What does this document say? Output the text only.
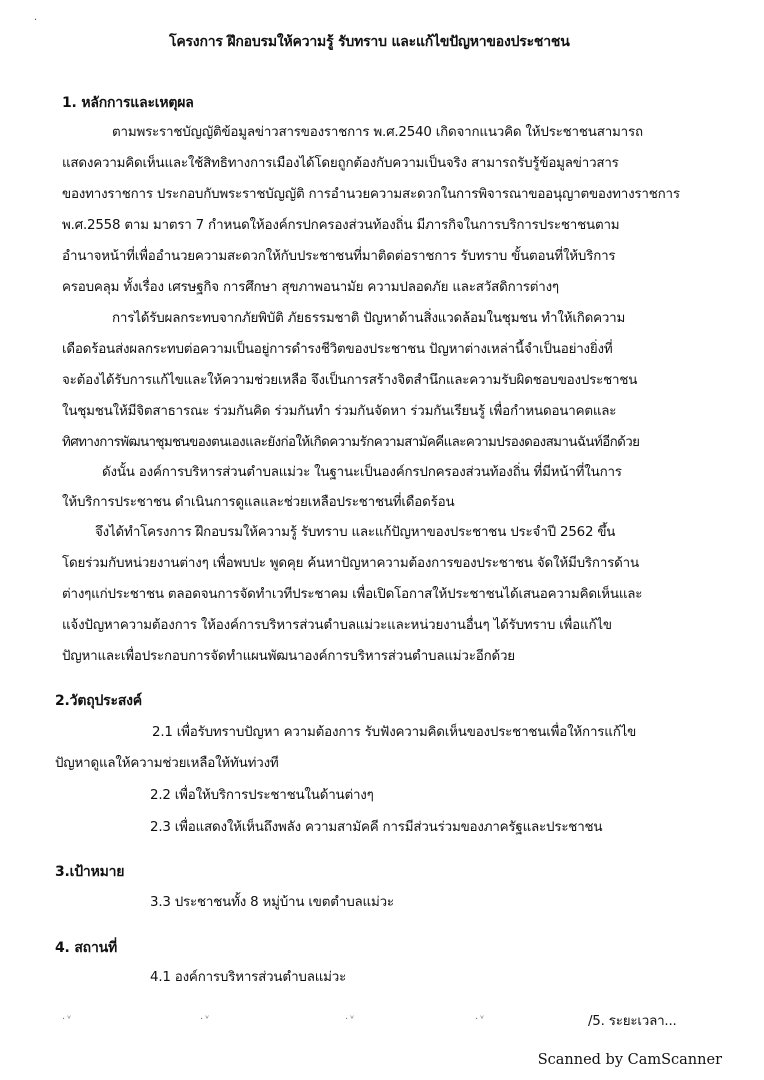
.
โครงการ ฝึกอบรมให้ความรู้ รับทราบ และแก้ไขปัญหาของประชาชน
1. หลักการและเหตุผล
ตามพระราชบัญญัติข้อมูลข่าวสารของราชการ พ.ศ.2540 เกิดจากแนวคิด ให้ประชาชนสามารถ
แสดงความคิดเห็นและใช้สิทธิทางการเมืองได้โดยถูกต้องกับความเป็นจริง สามารถรับรู้ข้อมูลข่าวสาร
ของทางราชการ ประกอบกับพระราชบัญญัติ การอำนวยความสะดวกในการพิจารณาขออนุญาตของทางราชการ
พ.ศ.2558 ตาม มาตรา 7 กำหนดให้องค์กรปกครองส่วนท้องถิ่น มีภารกิจในการบริการประชาชนตาม
อำนาจหน้าที่เพื่ออำนวยความสะดวกให้กับประชาชนที่มาติดต่อราชการ รับทราบ ขั้นตอนที่ให้บริการ
ครอบคลุม ทั้งเรื่อง เศรษฐกิจ การศึกษา สุขภาพอนามัย ความปลอดภัย และสวัสดิการต่างๆ
การได้รับผลกระทบจากภัยพิบัติ ภัยธรรมชาติ ปัญหาด้านสิ่งแวดล้อมในชุมชน ทำให้เกิดความ
เดือดร้อนส่งผลกระทบต่อความเป็นอยู่การดำรงชีวิตของประชาชน ปัญหาต่างเหล่านี้จำเป็นอย่างยิ่งที่
จะต้องได้รับการแก้ไขและให้ความช่วยเหลือ จึงเป็นการสร้างจิตสำนึกและความรับผิดชอบของประชาชน
ในชุมชนให้มีจิตสาธารณะ ร่วมกันคิด ร่วมกันทำ ร่วมกันจัดหา ร่วมกันเรียนรู้ เพื่อกำหนดอนาคตและ
ทิศทางการพัฒนาชุมชนของตนเองและยังก่อให้เกิดความรักความสามัคคีและความปรองดองสมานฉันท์อีกด้วย
ดังนั้น องค์การบริหารส่วนตำบลแม่วะ ในฐานะเป็นองค์กรปกครองส่วนท้องถิ่น ที่มีหน้าที่ในการ
ให้บริการประชาชน ดำเนินการดูแลและช่วยเหลือประชาชนที่เดือดร้อน
จึงได้ทำโครงการ ฝึกอบรมให้ความรู้ รับทราบ และแก้ปัญหาของประชาชน ประจำปี 2562 ขึ้น
โดยร่วมกับหน่วยงานต่างๆ เพื่อพบปะ พูดคุย ค้นหาปัญหาความต้องการของประชาชน จัดให้มีบริการด้าน
ต่างๆแก่ประชาชน ตลอดจนการจัดทำเวทีประชาคม เพื่อเปิดโอกาสให้ประชาชนได้เสนอความคิดเห็นและ
แจ้งปัญหาความต้องการ ให้องค์การบริหารส่วนตำบลแม่วะและหน่วยงานอื่นๆ ได้รับทราบ เพื่อแก้ไข
ปัญหาและเพื่อประกอบการจัดทำแผนพัฒนาองค์การบริหารส่วนตำบลแม่วะอีกด้วย
2.วัตถุประสงค์
2.1 เพื่อรับทราบปัญหา ความต้องการ รับฟังความคิดเห็นของประชาชนเพื่อให้การแก้ไข
ปัญหาดูแลให้ความช่วยเหลือให้ทันท่วงที
2.2 เพื่อให้บริการประชาชนในด้านต่างๆ
2.3 เพื่อแสดงให้เห็นถึงพลัง ความสามัคคี การมีส่วนร่วมของภาครัฐและประชาชน
3.เป้าหมาย
3.3 ประชาชนทั้ง 8 หมู่บ้าน เขตตำบลแม่วะ
4. สถานที่
4.1 องค์การบริหารส่วนตำบลแม่วะ
·ᵛ	·ᵛ	·ᵛ	·ᵛ	/5. ระยะเวลา...
Scanned by CamScanner
